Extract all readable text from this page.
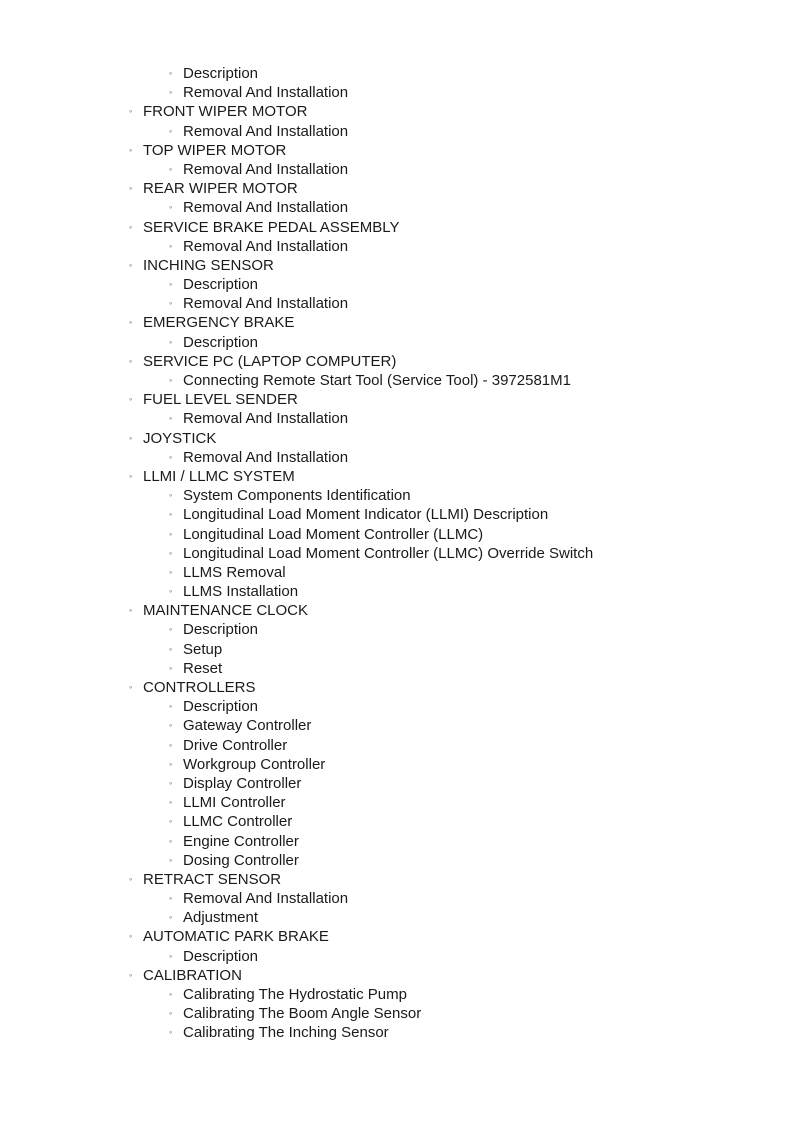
◦ Description
◦ Removal And Installation
◦ FRONT WIPER MOTOR
◦ Removal And Installation
◦ TOP WIPER MOTOR
◦ Removal And Installation
◦ REAR WIPER MOTOR
◦ Removal And Installation
◦ SERVICE BRAKE PEDAL ASSEMBLY
◦ Removal And Installation
◦ INCHING SENSOR
◦ Description
◦ Removal And Installation
◦ EMERGENCY BRAKE
◦ Description
◦ SERVICE PC (LAPTOP COMPUTER)
◦ Connecting Remote Start Tool (Service Tool) - 3972581M1
◦ FUEL LEVEL SENDER
◦ Removal And Installation
◦ JOYSTICK
◦ Removal And Installation
◦ LLMI / LLMC SYSTEM
◦ System Components Identification
◦ Longitudinal Load Moment Indicator (LLMI) Description
◦ Longitudinal Load Moment Controller (LLMC)
◦ Longitudinal Load Moment Controller (LLMC) Override Switch
◦ LLMS Removal
◦ LLMS Installation
◦ MAINTENANCE CLOCK
◦ Description
◦ Setup
◦ Reset
◦ CONTROLLERS
◦ Description
◦ Gateway Controller
◦ Drive Controller
◦ Workgroup Controller
◦ Display Controller
◦ LLMI Controller
◦ LLMC Controller
◦ Engine Controller
◦ Dosing Controller
◦ RETRACT SENSOR
◦ Removal And Installation
◦ Adjustment
◦ AUTOMATIC PARK BRAKE
◦ Description
◦ CALIBRATION
◦ Calibrating The Hydrostatic Pump
◦ Calibrating The Boom Angle Sensor
◦ Calibrating The Inching Sensor
